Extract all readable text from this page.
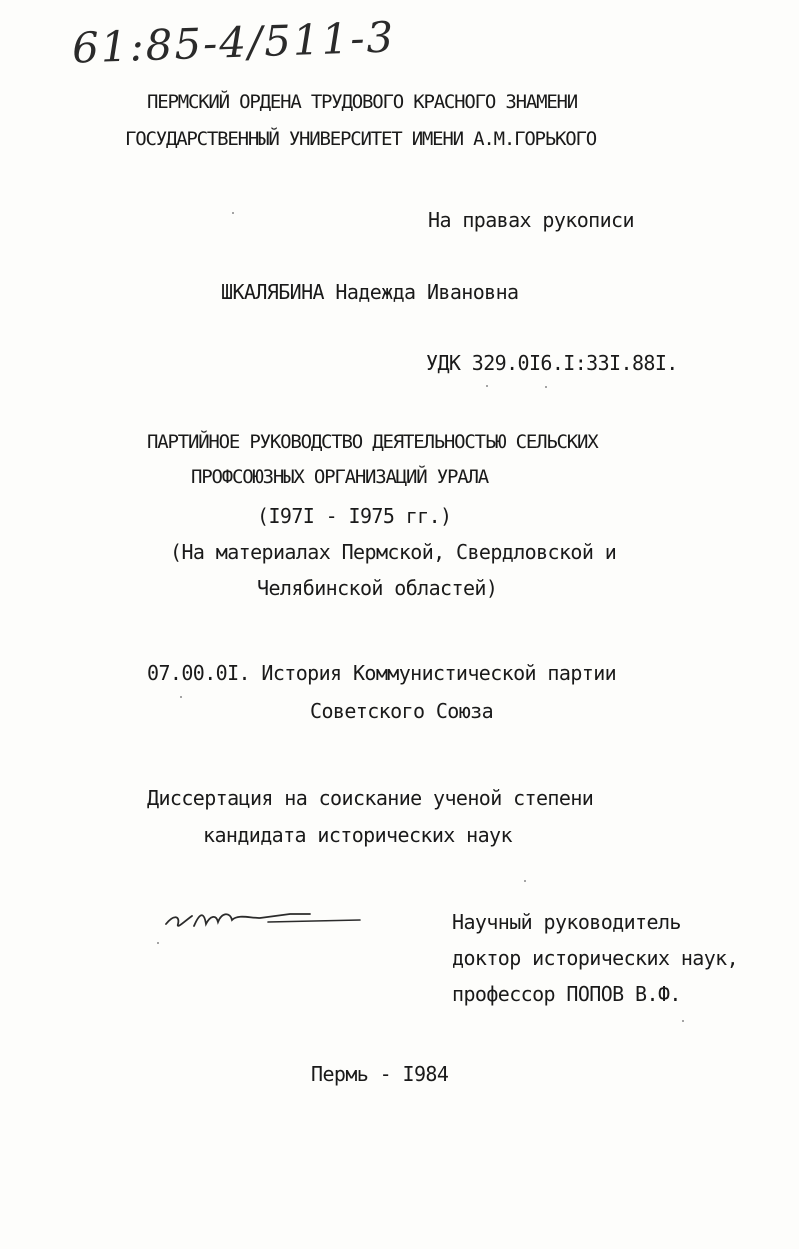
61:85-4/511-3
ПЕРМСКИЙ ОРДЕНА ТРУДОВОГО КРАСНОГО ЗНАМЕНИ
ГОСУДАРСТВЕННЫЙ УНИВЕРСИТЕТ ИМЕНИ А.М.ГОРЬКОГО
На правах рукописи
ШКАЛЯБИНА Надежда Ивановна
УДК 329.0I6.I:33I.88I.
ПАРТИЙНОЕ РУКОВОДСТВО ДЕЯТЕЛЬНОСТЬЮ СЕЛЬСКИХ
ПРОФСОЮЗНЫХ ОРГАНИЗАЦИЙ УРАЛА
(I97I - I975 гг.)
(На материалах Пермской, Свердловской и
Челябинской областей)
07.00.0I. История Коммунистической партии
Советского Союза
Диссертация на соискание ученой степени
кандидата исторических наук
Научный руководитель
доктор исторических наук,
профессор ПОПОВ В.Ф.
Пермь - I984
